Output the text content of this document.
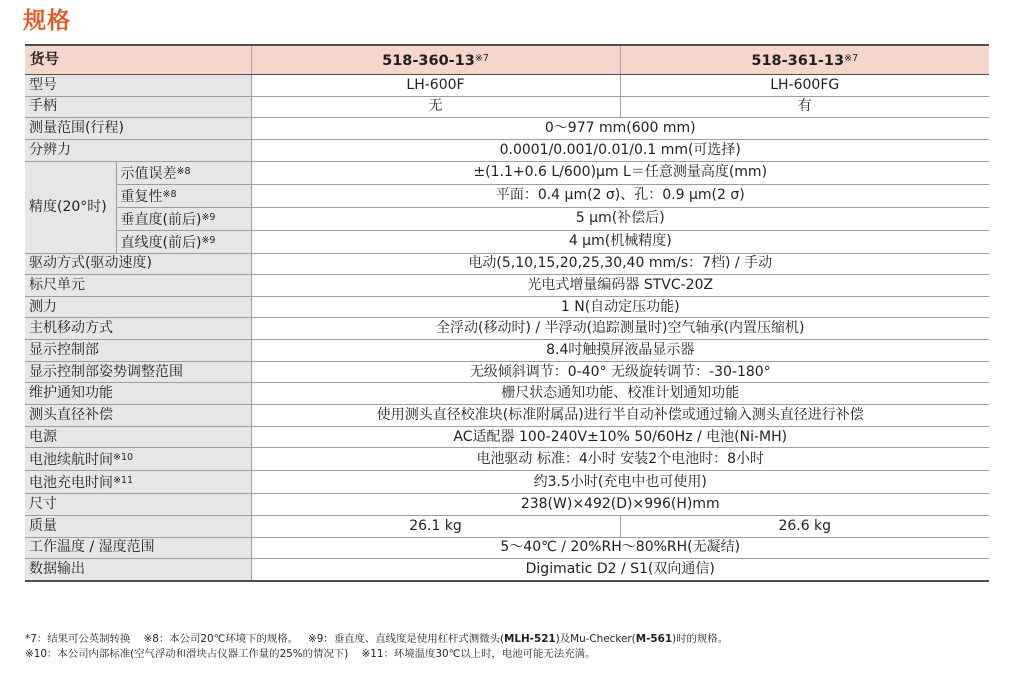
规格
货号		518-360-13$^{※7}$	518-361-13$^{※7}$
型号		LH-600F	LH-600FG
手柄		无	有
测量范围(行程)		0～977 mm(600 mm)	
分辨力		0.0001/0.001/0.01/0.1 mm(可选择)	
精度(20°时)	示值误差$^{※8}$	±(1.1+0.6 L/600)μm L＝任意测量高度(mm)	
	重复性$^{※8}$	平面：0.4 μm(2 σ)、孔：0.9 μm(2 σ)	
	垂直度(前后)$^{※9}$	5 μm(补偿后)	
	直线度(前后)$^{※9}$	4 μm(机械精度)	
驱动方式(驱动速度)		电动(5,10,15,20,25,30,40 mm/s：7档) / 手动	
标尺单元		光电式增量编码器 STVC-20Z	
测力		1 N(自动定压功能)	
主机移动方式		全浮动(移动时) / 半浮动(追踪测量时)空气轴承(内置压缩机)	
显示控制部		8.4吋触摸屏液晶显示器	
显示控制部姿势调整范围		无级倾斜调节：0-40° 无级旋转调节：-30-180°	
维护通知功能		栅尺状态通知功能、校准计划通知功能	
测头直径补偿		使用测头直径校准块(标准附属品)进行半自动补偿或通过输入测头直径进行补偿	
电源		AC适配器 100-240V±10% 50/60Hz / 电池(Ni-MH)	
电池续航时间$^{※10}$		电池驱动 标准：4小时 安装2个电池时：8小时	
电池充电时间$^{※11}$		约3.5小时(充电中也可使用)	
尺寸		238(W)×492(D)×996(H)mm	
质量		26.1 kg	26.6 kg
工作温度 / 湿度范围		5～40℃ / 20%RH～80%RH(无凝结)	
数据输出		Digimatic D2 / S1(双向通信)	
*7：结果可公英制转换 ※8：本公司20℃环境下的规格。 ※9：垂直度、直线度是使用杠杆式测微头(MLH-521)及Mu-Checker(M-561)时的规格。
※10：本公司内部标准(空气浮动和滑块占仪器工作量的25%的情况下) ※11：环境温度30℃以上时，电池可能无法充满。
